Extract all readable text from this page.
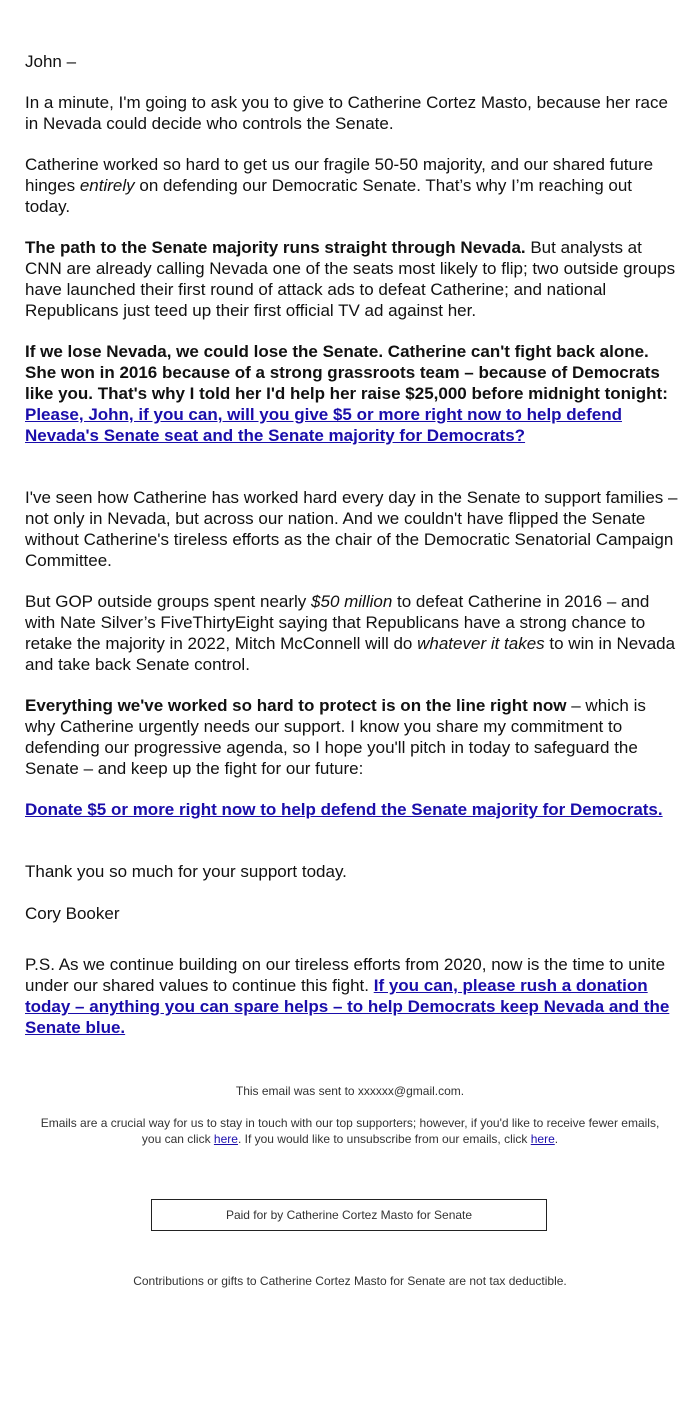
John –

In a minute, I'm going to ask you to give to Catherine Cortez Masto, because her race in Nevada could decide who controls the Senate.

Catherine worked so hard to get us our fragile 50-50 majority, and our shared future hinges entirely on defending our Democratic Senate. That’s why I’m reaching out today.

The path to the Senate majority runs straight through Nevada. But analysts at CNN are already calling Nevada one of the seats most likely to flip; two outside groups have launched their first round of attack ads to defeat Catherine; and national Republicans just teed up their first official TV ad against her.

If we lose Nevada, we could lose the Senate. Catherine can't fight back alone. She won in 2016 because of a strong grassroots team – because of Democrats like you. That's why I told her I'd help her raise $25,000 before midnight tonight: Please, John, if you can, will you give $5 or more right now to help defend Nevada's Senate seat and the Senate majority for Democrats?

I've seen how Catherine has worked hard every day in the Senate to support families – not only in Nevada, but across our nation. And we couldn't have flipped the Senate without Catherine's tireless efforts as the chair of the Democratic Senatorial Campaign Committee.

But GOP outside groups spent nearly $50 million to defeat Catherine in 2016 – and with Nate Silver’s FiveThirtyEight saying that Republicans have a strong chance to retake the majority in 2022, Mitch McConnell will do whatever it takes to win in Nevada and take back Senate control.

Everything we've worked so hard to protect is on the line right now – which is why Catherine urgently needs our support. I know you share my commitment to defending our progressive agenda, so I hope you'll pitch in today to safeguard the Senate – and keep up the fight for our future:

Donate $5 or more right now to help defend the Senate majority for Democrats.

Thank you so much for your support today.

Cory Booker

P.S. As we continue building on our tireless efforts from 2020, now is the time to unite under our shared values to continue this fight. If you can, please rush a donation today – anything you can spare helps – to help Democrats keep Nevada and the Senate blue.

This email was sent to xxxxxx@gmail.com.
Emails are a crucial way for us to stay in touch with our top supporters; however, if you'd like to receive fewer emails, you can click here. If you would like to unsubscribe from our emails, click here.
Paid for by Catherine Cortez Masto for Senate
Contributions or gifts to Catherine Cortez Masto for Senate are not tax deductible.
